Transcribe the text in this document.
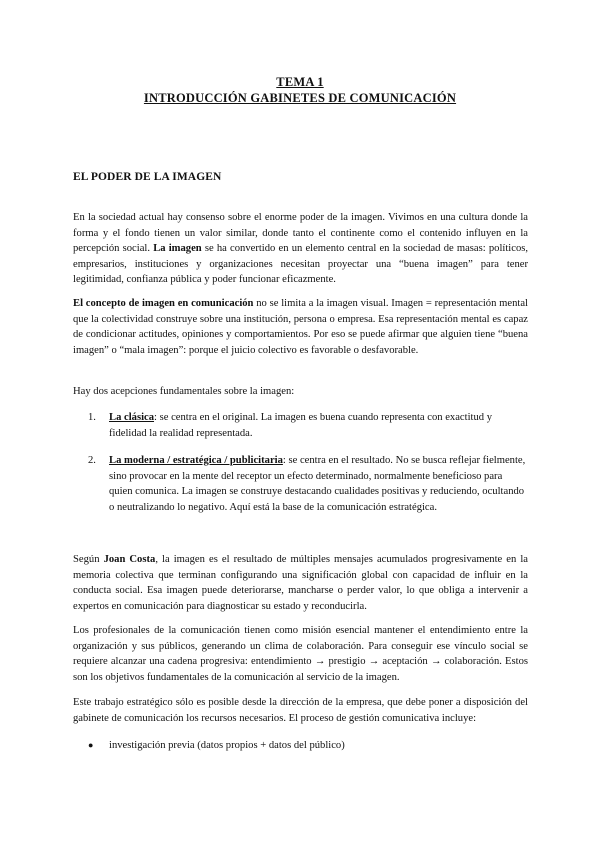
TEMA 1
INTRODUCCIÓN GABINETES DE COMUNICACIÓN
EL PODER DE LA IMAGEN

En la sociedad actual hay consenso sobre el enorme poder de la imagen. Vivimos en una cultura donde la forma y el fondo tienen un valor similar, donde tanto el continente como el contenido influyen en la percepción social. La imagen se ha convertido en un elemento central en la sociedad de masas: políticos, empresarios, instituciones y organizaciones necesitan proyectar una “buena imagen” para tener legitimidad, confianza pública y poder funcionar eficazmente.

El concepto de imagen en comunicación no se limita a la imagen visual. Imagen = representación mental que la colectividad construye sobre una institución, persona o empresa. Esa representación mental es capaz de condicionar actitudes, opiniones y comportamientos. Por eso se puede afirmar que alguien tiene “buena imagen” o “mala imagen”: porque el juicio colectivo es favorable o desfavorable.

Hay dos acepciones fundamentales sobre la imagen:

1. La clásica: se centra en el original. La imagen es buena cuando representa con exactitud y fidelidad la realidad representada.
2. La moderna / estratégica / publicitaria: se centra en el resultado. No se busca reflejar fielmente, sino provocar en la mente del receptor un efecto determinado, normalmente beneficioso para quien comunica. La imagen se construye destacando cualidades positivas y reduciendo, ocultando o neutralizando lo negativo. Aquí está la base de la comunicación estratégica.

Según Joan Costa, la imagen es el resultado de múltiples mensajes acumulados progresivamente en la memoria colectiva que terminan configurando una significación global con capacidad de influir en la conducta social. Esa imagen puede deteriorarse, mancharse o perder valor, lo que obliga a intervenir a expertos en comunicación para diagnosticar su estado y reconducirla.

Los profesionales de la comunicación tienen como misión esencial mantener el entendimiento entre la organización y sus públicos, generando un clima de colaboración. Para conseguir ese vínculo social se requiere alcanzar una cadena progresiva: entendimiento → prestigio → aceptación → colaboración. Estos son los objetivos fundamentales de la comunicación al servicio de la imagen.

Este trabajo estratégico sólo es posible desde la dirección de la empresa, que debe poner a disposición del gabinete de comunicación los recursos necesarios. El proceso de gestión comunicativa incluye:

● investigación previa (datos propios + datos del público)
